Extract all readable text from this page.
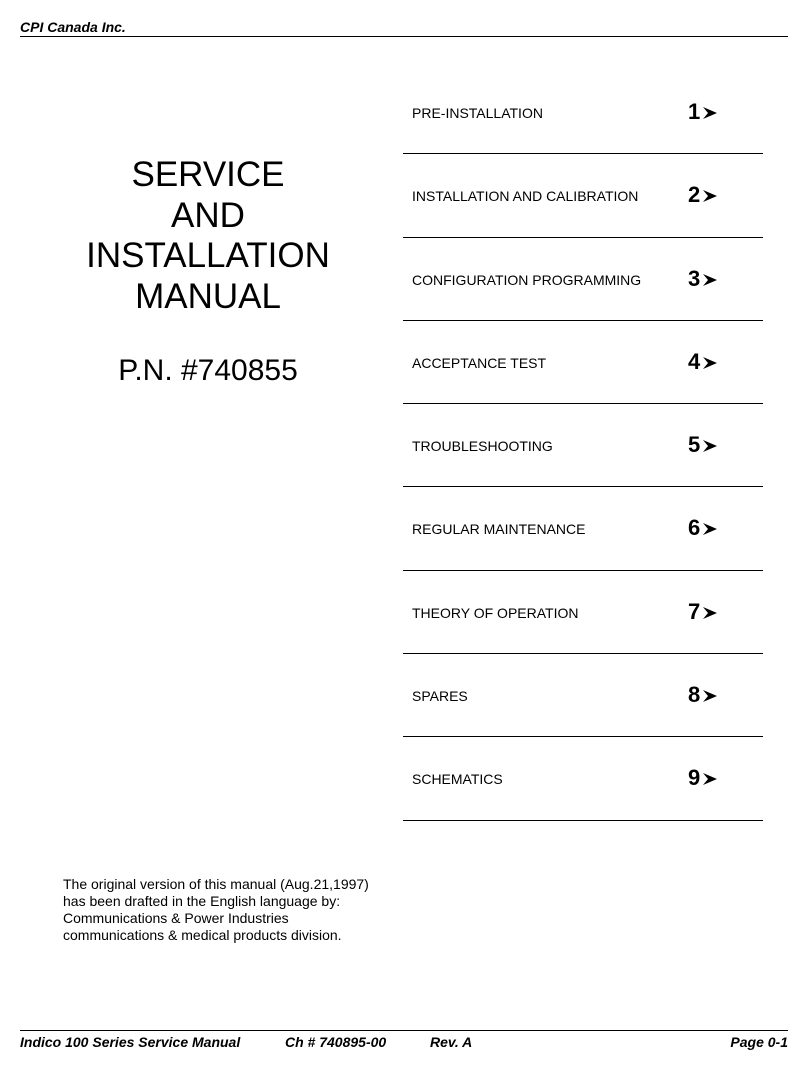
CPI Canada Inc.
SERVICE
AND
INSTALLATION
MANUAL
P.N. #740855
PRE-INSTALLATION	1
INSTALLATION AND CALIBRATION 2
CONFIGURATION PROGRAMMING 3
ACCEPTANCE TEST	4
TROUBLESHOOTING	5
REGULAR MAINTENANCE	6
THEORY OF OPERATION	7
SPARES	8
SCHEMATICS	9
The original version of this manual (Aug.21,1997)
has been drafted in the English language by:
Communications & Power Industries
communications & medical products division.
Indico 100 Series Service Manual	Ch # 740895-00	Rev. A	Page 0-1
